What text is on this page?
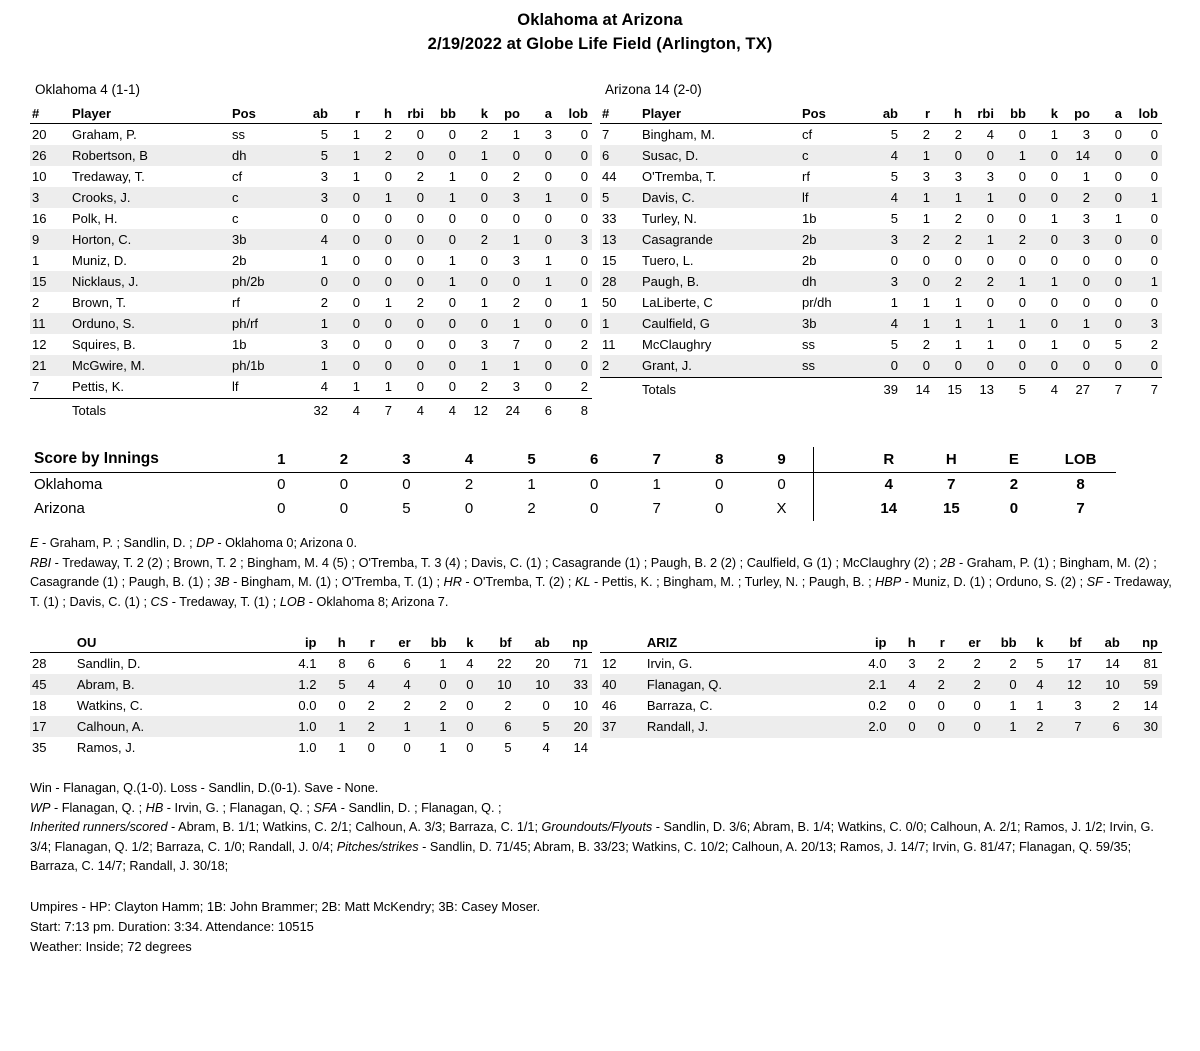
Oklahoma at Arizona
2/19/2022 at Globe Life Field (Arlington, TX)
Oklahoma 4 (1-1)
#	Player	Pos	ab	r	h	rbi	bb	k	po	a	lob
20	Graham, P.	ss	5	1	2	0	0	2	1	3	0
26	Robertson, B	dh	5	1	2	0	0	1	0	0	0
10	Tredaway, T.	cf	3	1	0	2	1	0	2	0	0
3	Crooks, J.	c	3	0	1	0	1	0	3	1	0
16	Polk, H.	c	0	0	0	0	0	0	0	0	0
9	Horton, C.	3b	4	0	0	0	0	2	1	0	3
1	Muniz, D.	2b	1	0	0	0	1	0	3	1	0
15	Nicklaus, J.	ph/2b	0	0	0	0	1	0	0	1	0
2	Brown, T.	rf	2	0	1	2	0	1	2	0	1
11	Orduno, S.	ph/rf	1	0	0	0	0	0	1	0	0
12	Squires, B.	1b	3	0	0	0	0	3	7	0	2
21	McGwire, M.	ph/1b	1	0	0	0	0	1	1	0	0
7	Pettis, K.	lf	4	1	1	0	0	2	3	0	2
	Totals		32	4	7	4	4	12	24	6	8
Arizona 14 (2-0)
#	Player	Pos	ab	r	h	rbi	bb	k	po	a	lob
7	Bingham, M.	cf	5	2	2	4	0	1	3	0	0
6	Susac, D.	c	4	1	0	0	1	0	14	0	0
44	O'Tremba, T.	rf	5	3	3	3	0	0	1	0	0
5	Davis, C.	lf	4	1	1	1	0	0	2	0	1
33	Turley, N.	1b	5	1	2	0	0	1	3	1	0
13	Casagrande	2b	3	2	2	1	2	0	3	0	0
15	Tuero, L.	2b	0	0	0	0	0	0	0	0	0
28	Paugh, B.	dh	3	0	2	2	1	1	0	0	1
50	LaLiberte, C	pr/dh	1	1	1	0	0	0	0	0	0
1	Caulfield, G	3b	4	1	1	1	1	0	1	0	3
11	McClaughry	ss	5	2	1	1	0	1	0	5	2
2	Grant, J.	ss	0	0	0	0	0	0	0	0	0
	Totals		39	14	15	13	5	4	27	7	7
Score by Innings	1	2	3	4	5	6	7	8	9		R	H	E	LOB
Oklahoma	0	0	0	2	1	0	1	0	0		4	7	2	8
Arizona	0	0	5	0	2	0	7	0	X		14	15	0	7
E - Graham, P. ; Sandlin, D. ; DP - Oklahoma 0; Arizona 0.
RBI - Tredaway, T. 2 (2) ; Brown, T. 2 ; Bingham, M. 4 (5) ; O'Tremba, T. 3 (4) ; Davis, C. (1) ; Casagrande (1) ; Paugh, B. 2 (2) ; Caulfield, G (1) ; McClaughry (2) ; 2B - Graham, P. (1) ; Bingham, M. (2) ; Casagrande (1) ; Paugh, B. (1) ; 3B - Bingham, M. (1) ; O'Tremba, T. (1) ; HR - O'Tremba, T. (2) ; KL - Pettis, K. ; Bingham, M. ; Turley, N. ; Paugh, B. ; HBP - Muniz, D. (1) ; Orduno, S. (2) ; SF - Tredaway, T. (1) ; Davis, C. (1) ; CS - Tredaway, T. (1) ; LOB - Oklahoma 8; Arizona 7.
	OU	ip	h	r	er	bb	k	bf	ab	np
28	Sandlin, D.	4.1	8	6	6	1	4	22	20	71
45	Abram, B.	1.2	5	4	4	0	0	10	10	33
18	Watkins, C.	0.0	0	2	2	2	0	2	0	10
17	Calhoun, A.	1.0	1	2	1	1	0	6	5	20
35	Ramos, J.	1.0	1	0	0	1	0	5	4	14
	ARIZ	ip	h	r	er	bb	k	bf	ab	np
12	Irvin, G.	4.0	3	2	2	2	5	17	14	81
40	Flanagan, Q.	2.1	4	2	2	0	4	12	10	59
46	Barraza, C.	0.2	0	0	0	1	1	3	2	14
37	Randall, J.	2.0	0	0	0	1	2	7	6	30
Win - Flanagan, Q.(1-0). Loss - Sandlin, D.(0-1). Save - None.
WP - Flanagan, Q. ; HB - Irvin, G. ; Flanagan, Q. ; SFA - Sandlin, D. ; Flanagan, Q. ;
Inherited runners/scored - Abram, B. 1/1; Watkins, C. 2/1; Calhoun, A. 3/3; Barraza, C. 1/1; Groundouts/Flyouts - Sandlin, D. 3/6; Abram, B. 1/4; Watkins, C. 0/0; Calhoun, A. 2/1; Ramos, J. 1/2; Irvin, G. 3/4; Flanagan, Q. 1/2; Barraza, C. 1/0; Randall, J. 0/4; Pitches/strikes - Sandlin, D. 71/45; Abram, B. 33/23; Watkins, C. 10/2; Calhoun, A. 20/13; Ramos, J. 14/7; Irvin, G. 81/47; Flanagan, Q. 59/35; Barraza, C. 14/7; Randall, J. 30/18;
Umpires - HP: Clayton Hamm; 1B: John Brammer; 2B: Matt McKendry; 3B: Casey Moser.
Start: 7:13 pm. Duration: 3:34. Attendance: 10515
Weather: Inside; 72 degrees
